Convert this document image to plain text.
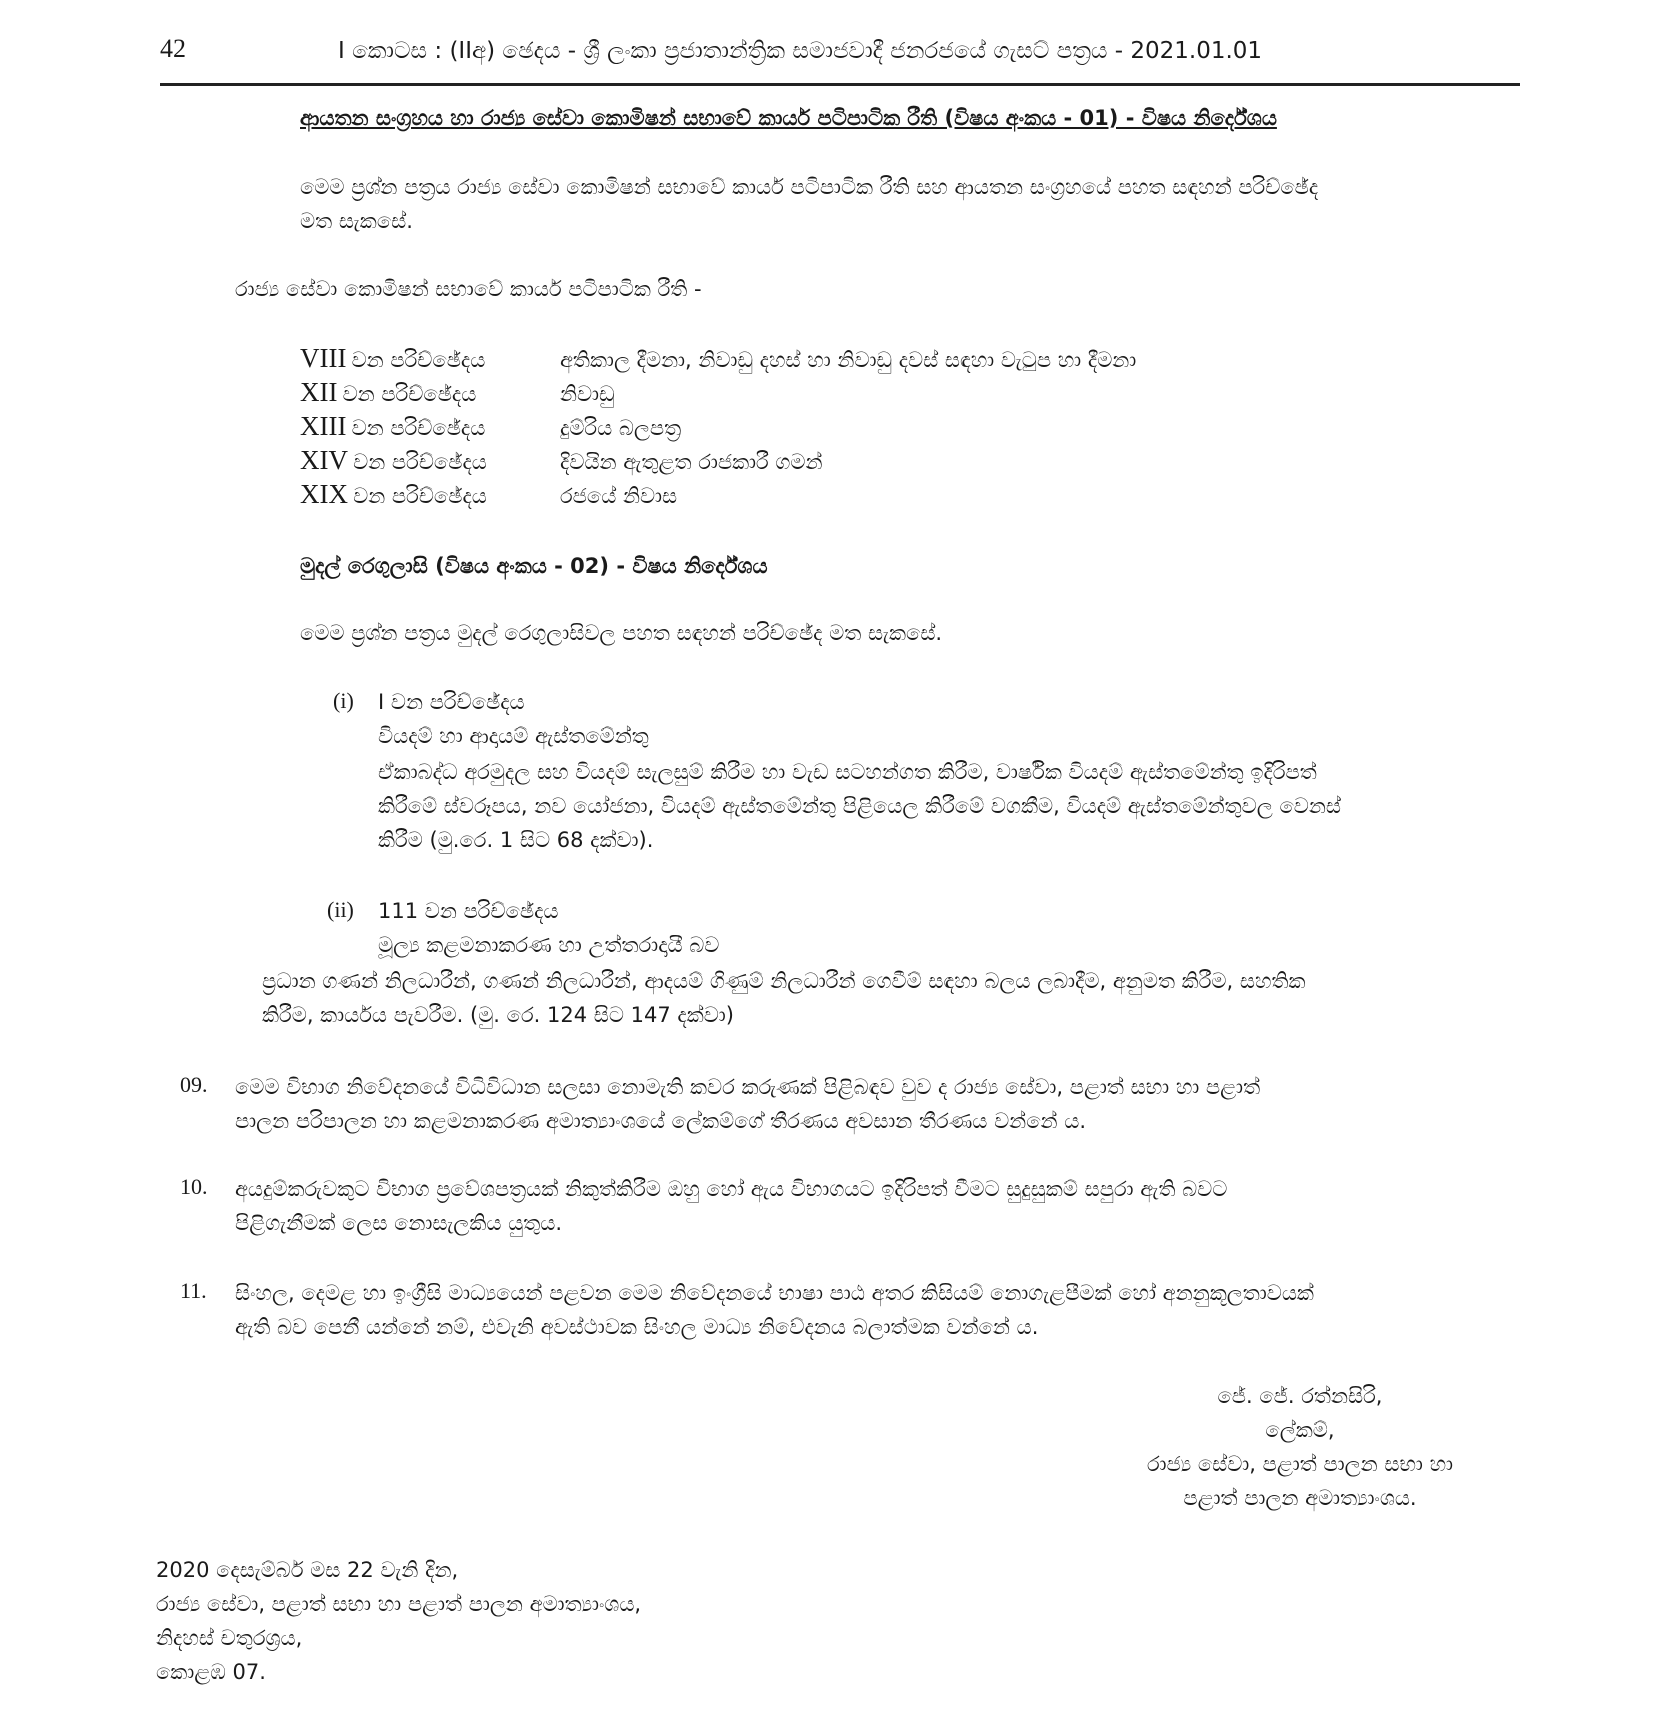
42	I කොටස : (IIඅ) ඡෙදය - ශ්‍රී ලංකා ප්‍රජාතාන්ත්‍රික සමාජවාදී ජනරජයේ ගැසට් පත්‍රය - 2021.01.01
ආයතන සංග්‍රහය හා රාජ්‍ය සේවා කොමිෂන් සභාවේ කාර්ය පටිපාටික රීති (විෂය අංකය - 01) - විෂය නිර්දේශය
මෙම ප්‍රශ්න පත්‍රය රාජ්‍ය සේවා කොමිෂන් සභාවේ කාර්ය පටිපාටික රීති සහ ආයතන සංග්‍රහයේ පහත සඳහන් පරිච්ඡේද
මත සැකසේ.
රාජ්‍ය සේවා කොමිෂන් සභාවේ කාර්ය පටිපාටික රීති -
VIII වන පරිච්ඡේදය	අතිකාල දීමනා, නිවාඩු දහස් හා නිවාඩු දවස් සඳහා වැටුප හා දීමනා
XII වන පරිච්ඡේදය	නිවාඩු
XIII වන පරිච්ඡේදය	දුම්රිය බලපත්‍ර
XIV වන පරිච්ඡේදය	දිවයින ඇතුළත රාජකාරී ගමන්
XIX වන පරිච්ඡේදය	රජයේ නිවාස
මුදල් රෙගුලාසි (විෂය අංකය - 02) - විෂය නිර්දේශය
මෙම ප්‍රශ්න පත්‍රය මුදල් රෙගුලාසිවල පහත සඳහන් පරිච්ඡේද මත සැකසේ.
(i) I වන පරිච්ඡේදය
වියදම් හා ආදායම් ඇස්තමේන්තු
ඒකාබද්ධ අරමුදල සහ වියදම් සැලසුම් කිරීම හා වැඩ සටහන්ගත කිරීම, වාර්ෂික වියදම් ඇස්තමේන්තු ඉදිරිපත්
කිරීමේ ස්වරූපය, නව යෝජනා, වියදම් ඇස්තමේන්තු පිළියෙල කිරීමේ වගකීම, වියදම් ඇස්තමේන්තුවල වෙනස්
කිරීම (මු.රෙ. 1 සිට 68 දක්වා).
(ii) 111 වන පරිච්ඡේදය
මූල්‍ය කළමනාකරණ හා උත්තරාදායී බව
ප්‍රධාන ගණන් නිලධාරීන්, ගණන් නිලධාරීන්, ආදයම් ගිණුම් නිලධාරීන් ගෙවීම් සඳහා බලය ලබාදීම, අනුමත කිරීම, සහතික
කිරීම, කාර්යය පැවරීම. (මු. රෙ. 124 සිට 147 දක්වා)
09. මෙම විභාග නිවේදනයේ විධිවිධාන සලසා නොමැති කවර කරුණක් පිළිබඳව වුව ද රාජ්‍ය සේවා, පළාත් සභා හා පළාත්
පාලන පරිපාලන හා කළමනාකරණ අමාත්‍යාංශයේ ලේකම්ගේ තීරණය අවසාන තීරණය වන්නේ ය.
10. අයදුම්කරුවකුට විභාග ප්‍රවේශපත්‍රයක් නිකුත්කිරීම ඔහු හෝ ඇය විභාගයට ඉදිරිපත් වීමට සුදුසුකම් සපුරා ඇති බවට
පිළිගැනීමක් ලෙස නොසැලකිය යුතුය.
11. සිංහල, දෙමළ හා ඉංග්‍රීසි මාධ්‍යයෙන් පළවන මෙම නිවේදනයේ භාෂා පාඨ අතර කිසියම් නොගැළපීමක් හෝ අනනුකූලතාවයක්
ඇති බව පෙනී යන්නේ නම්, එවැනි අවස්ථාවක සිංහල මාධ්‍ය නිවේදනය බලාත්මක වන්නේ ය.
ජේ. ජේ. රත්නසිරි,
ලේකම්,
රාජ්‍ය සේවා, පළාත් පාලන සභා හා
පළාත් පාලන අමාත්‍යාංශය.
2020 දෙසැම්බර් මස 22 වැනි දින,
රාජ්‍ය සේවා, පළාත් සභා හා පළාත් පාලන අමාත්‍යාංශය,
නිදහස් චතුරශ්‍රය,
කොළඹ 07.
